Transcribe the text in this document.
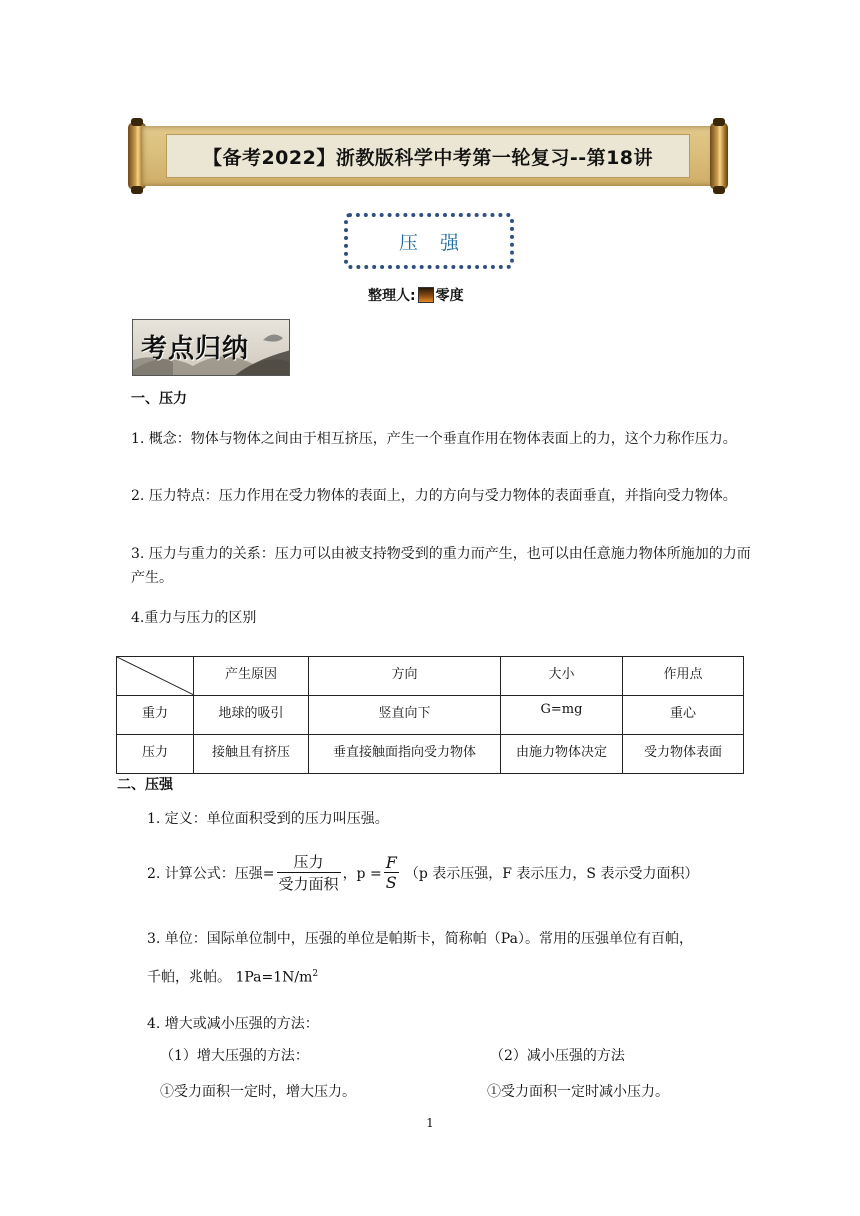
【备考2022】浙教版科学中考第一轮复习--第18讲
压强
整理人: 零度
考点归纳
一、压力
1. 概念：物体与物体之间由于相互挤压，产生一个垂直作用在物体表面上的力，这个力称作压力。
2. 压力特点：压力作用在受力物体的表面上，力的方向与受力物体的表面垂直，并指向受力物体。
3. 压力与重力的关系：压力可以由被支持物受到的重力而产生，也可以由任意施力物体所施加的力而产生。
4.重力与压力的区别
	产生原因	方向	大小	作用点
重力	地球的吸引	竖直向下	G=mg	重心
压力	接触且有挤压	垂直接触面指向受力物体	由施力物体决定	受力物体表面
二、压强
1. 定义：单位面积受到的压力叫压强。
2. 计算公式：压强= $\frac{\text{压力}}{\text{受力面积}}$ ，$p = \frac{F}{S} (p$ 表示压强，F 表示压力，S 表示受力面积）
3. 单位：国际单位制中，压强的单位是帕斯卡，简称帕（Pa）。常用的压强单位有百帕，
千帕，兆帕。 $1Pa=1N/m^2$
4. 增大或减小压强的方法：
（1）增大压强的方法：	（2）减小压强的方法
①受力面积一定时，增大压力。	①受力面积一定时减小压力。
1
